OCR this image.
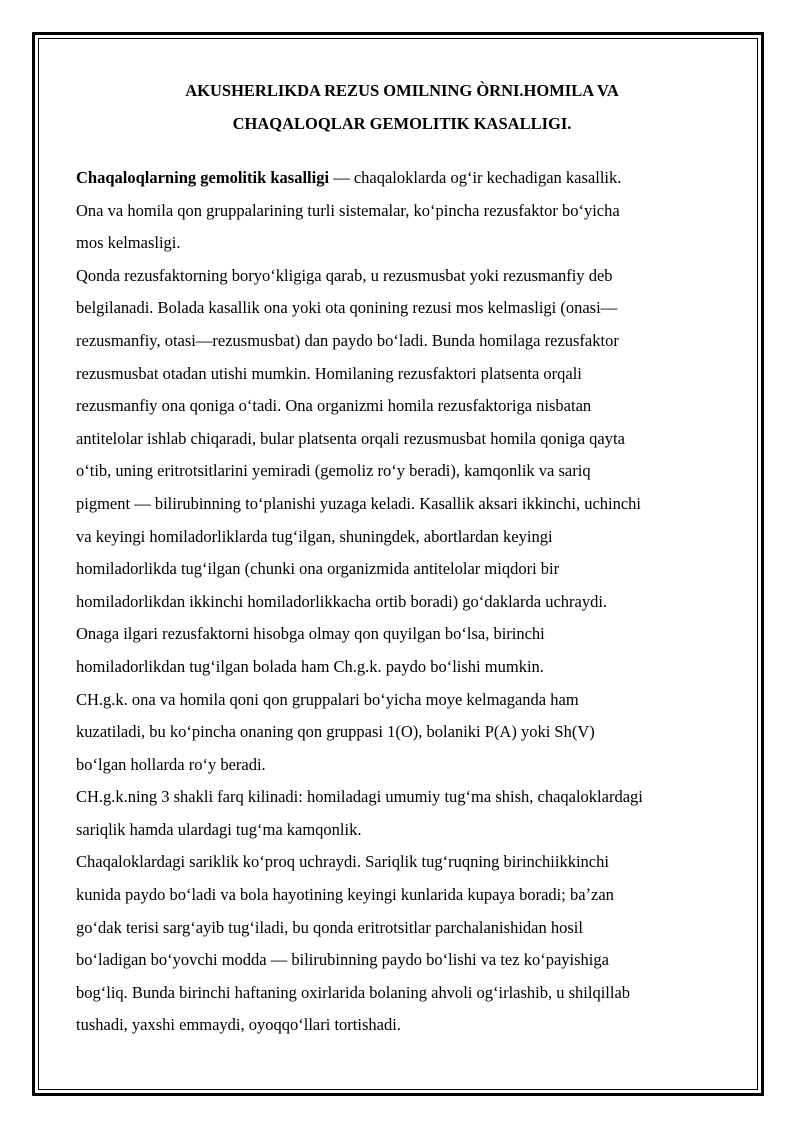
AKUSHERLIKDA REZUS OMILNING ÒRNI.HOMILA VA
CHAQALOQLAR GEMOLITIK KASALLIGI.
Chaqaloqlarning gemolitik kasalligi — chaqaloklarda ogʻir kechadigan kasallik.
Ona va homila qon gruppalarining turli sistemalar, koʻpincha rezusfaktor boʻyicha
mos kelmasligi.
Qonda rezusfaktorning boryoʻkligiga qarab, u rezusmusbat yoki rezusmanfiy deb
belgilanadi. Bolada kasallik ona yoki ota qonining rezusi mos kelmasligi (onasi—
rezusmanfiy, otasi—rezusmusbat) dan paydo boʻladi. Bunda homilaga rezusfaktor
rezusmusbat otadan utishi mumkin. Homilaning rezusfaktori platsenta orqali
rezusmanfiy ona qoniga oʻtadi. Ona organizmi homila rezusfaktoriga nisbatan
antitelolar ishlab chiqaradi, bular platsenta orqali rezusmusbat homila qoniga qayta
oʻtib, uning eritrotsitlarini yemiradi (gemoliz roʻy beradi), kamqonlik va sariq
pigment — bilirubinning toʻplanishi yuzaga keladi. Kasallik aksari ikkinchi, uchinchi
va keyingi homiladorliklarda tugʻilgan, shuningdek, abortlardan keyingi
homiladorlikda tugʻilgan (chunki ona organizmida antitelolar miqdori bir
homiladorlikdan ikkinchi homiladorlikkacha ortib boradi) goʻdaklarda uchraydi.
Onaga ilgari rezusfaktorni hisobga olmay qon quyilgan boʻlsa, birinchi
homiladorlikdan tugʻilgan bolada ham Ch.g.k. paydo boʻlishi mumkin.
CH.g.k. ona va homila qoni qon gruppalari boʻyicha moye kelmaganda ham
kuzatiladi, bu koʻpincha onaning qon gruppasi 1(O), bolaniki P(A) yoki Sh(V)
boʻlgan hollarda roʻy beradi.
CH.g.k.ning 3 shakli farq kilinadi: homiladagi umumiy tugʻma shish, chaqaloklardagi
sariqlik hamda ulardagi tugʻma kamqonlik.
Chaqaloklardagi sariklik koʻproq uchraydi. Sariqlik tugʻruqning birinchiikkinchi
kunida paydo boʻladi va bola hayotining keyingi kunlarida kupaya boradi; baʼzan
goʻdak terisi sargʻayib tugʻiladi, bu qonda eritrotsitlar parchalanishidan hosil
boʻladigan boʻyovchi modda — bilirubinning paydo boʻlishi va tez koʻpayishiga
bogʻliq. Bunda birinchi haftaning oxirlarida bolaning ahvoli ogʻirlashib, u shilqillab
tushadi, yaxshi emmaydi, oyoqqoʻllari tortishadi.
